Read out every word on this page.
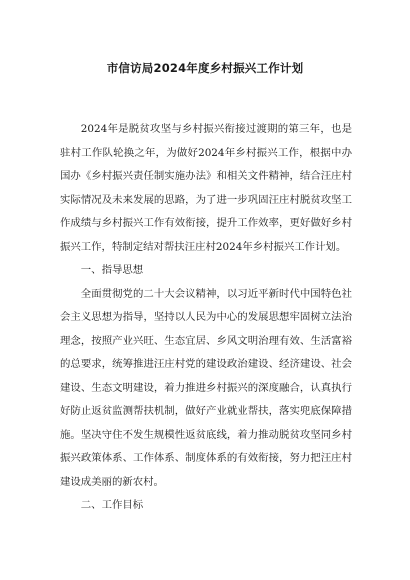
市信访局2024年度乡村振兴工作计划

2024年是脱贫攻坚与乡村振兴衔接过渡期的第三年，也是驻村工作队轮换之年，为做好2024年乡村振兴工作，根据中办国办《乡村振兴责任制实施办法》和相关文件精神，结合汪庄村实际情况及未来发展的思路，为了进一步巩固汪庄村脱贫攻坚工作成绩与乡村振兴工作有效衔接，提升工作效率，更好做好乡村振兴工作，特制定结对帮扶汪庄村2024年乡村振兴工作计划。

一、指导思想

全面贯彻党的二十大会议精神，以习近平新时代中国特色社会主义思想为指导，坚持以人民为中心的发展思想牢固树立法治理念，按照产业兴旺、生态宜居、乡风文明治理有效、生活富裕的总要求，统筹推进汪庄村党的建设政治建设、经济建设、社会建设、生态文明建设，着力推进乡村振兴的深度融合，认真执行好防止返贫监测帮扶机制，做好产业就业帮扶，落实兜底保障措施。坚决守住不发生规模性返贫底线，着力推动脱贫攻坚同乡村振兴政策体系、工作体系、制度体系的有效衔接，努力把汪庄村建设成美丽的新农村。

二、工作目标
